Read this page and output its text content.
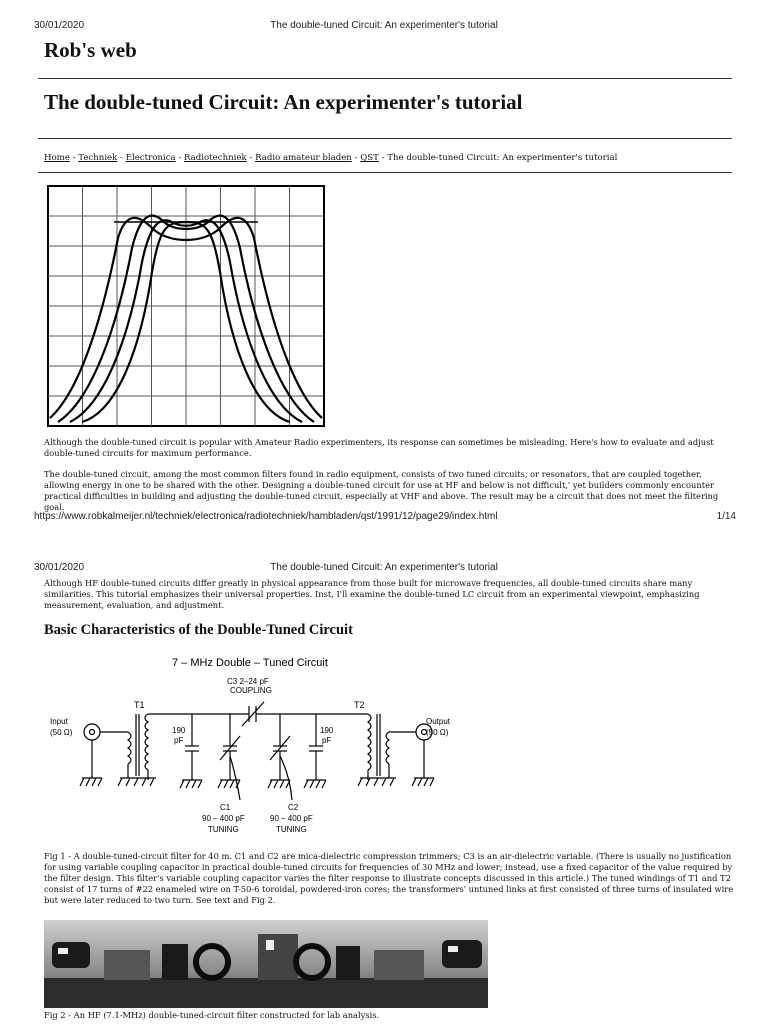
30/01/2020	The double-tuned Circuit: An experimenter's tutorial
Rob's web
The double-tuned Circuit: An experimenter's tutorial
Home - Techniek - Electronica - Radiotechniek - Radio amateur bladen - QST - The double-tuned Circuit: An experimenter's tutorial
Although the double-tuned circuit is popular with Amateur Radio experimenters, its response can sometimes be misleading. Here's how to evaluate and adjust double-tuned circuits for maximum performance.
The double-tuned circuit, among the most common filters found in radio equipment, consists of two tuned circuits, or resonators, that are coupled together, allowing energy in one to be shared with the other. Designing a double-tuned circuit for use at HF and below is not difficult,' yet builders commonly encounter practical difficulties in building and adjusting the double-tuned circuit, especially at VHF and above. The result may be a circuit that does not meet the filtering goal.
https://www.robkalmeijer.nl/techniek/electronica/radiotechniek/hambladen/qst/1991/12/page29/index.html	1/14
30/01/2020	The double-tuned Circuit: An experimenter's tutorial
Although HF double-tuned circuits differ greatly in physical appearance from those built for microwave frequencies, all double-tuned circuits share many similarities. This tutorial emphasizes their universal properties. Inst, I'll examine the double-tuned LC circuit from an experimental viewpoint, emphasizing measurement, evaluation, and adjustment.
Basic Characteristics of the Double-Tuned Circuit
7 – MHz Double – Tuned Circuit
C3 2–24 pF
COUPLING
T1	T2
Input
(50 Ω)
Output
(50 Ω)
190
pF
190
pF
C1
90 – 400 pF
TUNING
C2
90 – 400 pF
TUNING
Fig 1 - A double-tuned-circuit filter for 40 m. C1 and C2 are mica-dielectric compression trimmers; C3 is an air-dielectric variable. (There is usually no justification for using variable coupling capacitor in practical double-tuned circuits for frequencies of 30 MHz and lower; instead, use a fixed capacitor of the value required by the filter design. This filter's variable coupling capacitor varies the filter response to illustrate concepts discussed in this article.) The tuned windings of T1 and T2 consist of 17 turns of #22 enameled wire on T-50-6 toroidal, powdered-iron cores; the transformers' untuned links at first consisted of three turns of insulated wire but were later reduced to two turn. See text and Fig 2.
Fig 2 - An HF (7.1-MHz) double-tuned-circuit filter constructed for lab analysis.
